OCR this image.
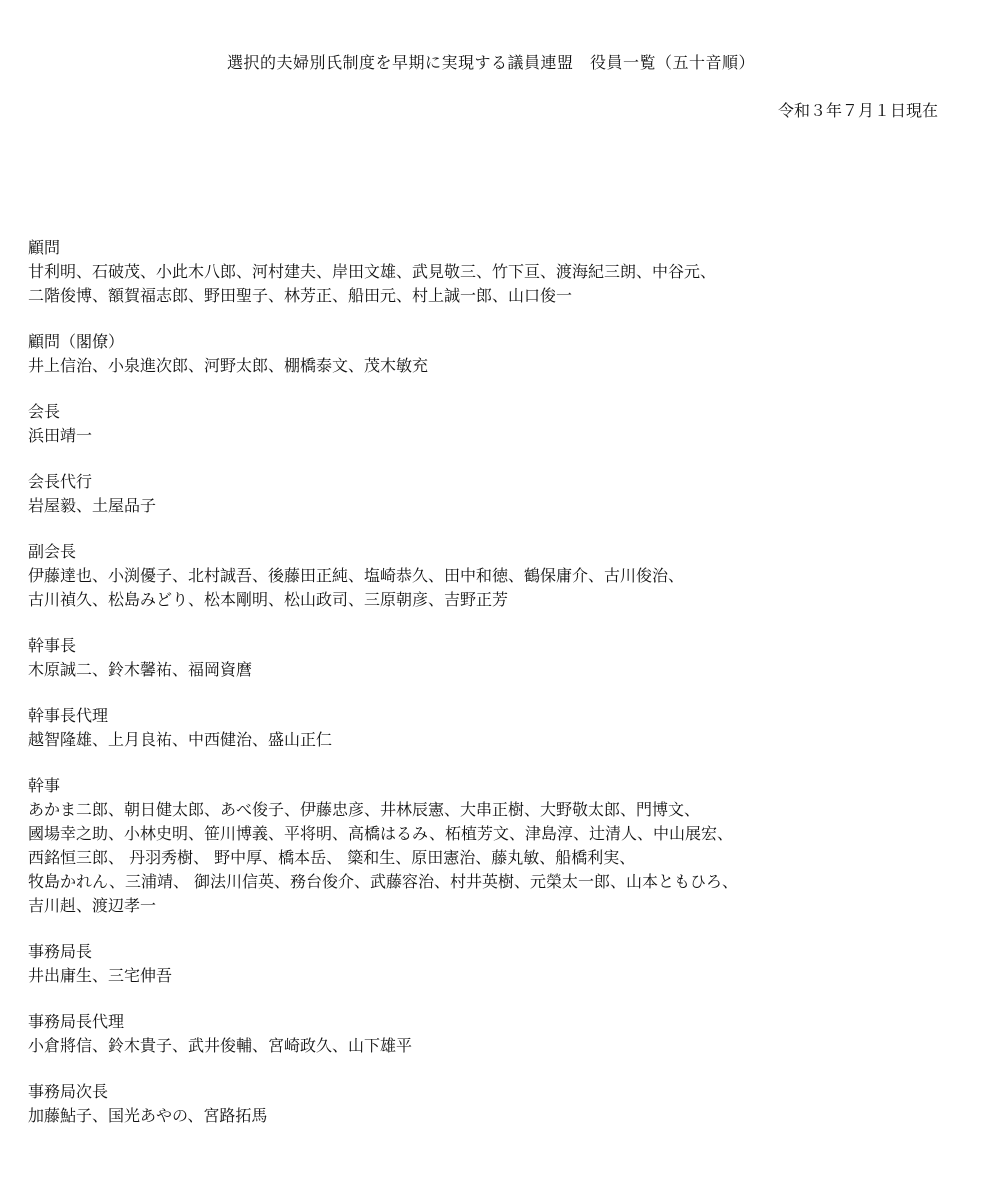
選択的夫婦別氏制度を早期に実現する議員連盟　役員一覧（五十音順）

令和３年７月１日現在

顧問

甘利明、石破茂、小此木八郎、河村建夫、岸田文雄、武見敬三、竹下亘、渡海紀三朗、中谷元、

二階俊博、額賀福志郎、野田聖子、林芳正、船田元、村上誠一郎、山口俊一

顧問（閣僚）

井上信治、小泉進次郎、河野太郎、棚橋泰文、茂木敏充

会長

浜田靖一

会長代行

岩屋毅、土屋品子

副会長

伊藤達也、小渕優子、北村誠吾、後藤田正純、塩崎恭久、田中和徳、鶴保庸介、古川俊治、

古川禎久、松島みどり、松本剛明、松山政司、三原朝彦、吉野正芳

幹事長

木原誠二、鈴木馨祐、福岡資麿

幹事長代理

越智隆雄、上月良祐、中西健治、盛山正仁

幹事

あかま二郎、朝日健太郎、あべ俊子、伊藤忠彦、井林辰憲、大串正樹、大野敬太郎、門博文、

國場幸之助、小林史明、笹川博義、平将明、高橋はるみ、柘植芳文、津島淳、辻清人、中山展宏、

西銘恒三郎、 丹羽秀樹、 野中厚、橋本岳、 簗和生、原田憲治、藤丸敏、船橋利実、

牧島かれん、三浦靖、 御法川信英、務台俊介、武藤容治、村井英樹、元榮太一郎、山本ともひろ、

吉川赳、渡辺孝一

事務局長

井出庸生、三宅伸吾

事務局長代理

小倉將信、鈴木貴子、武井俊輔、宮崎政久、山下雄平

事務局次長

加藤鮎子、国光あやの、宮路拓馬
